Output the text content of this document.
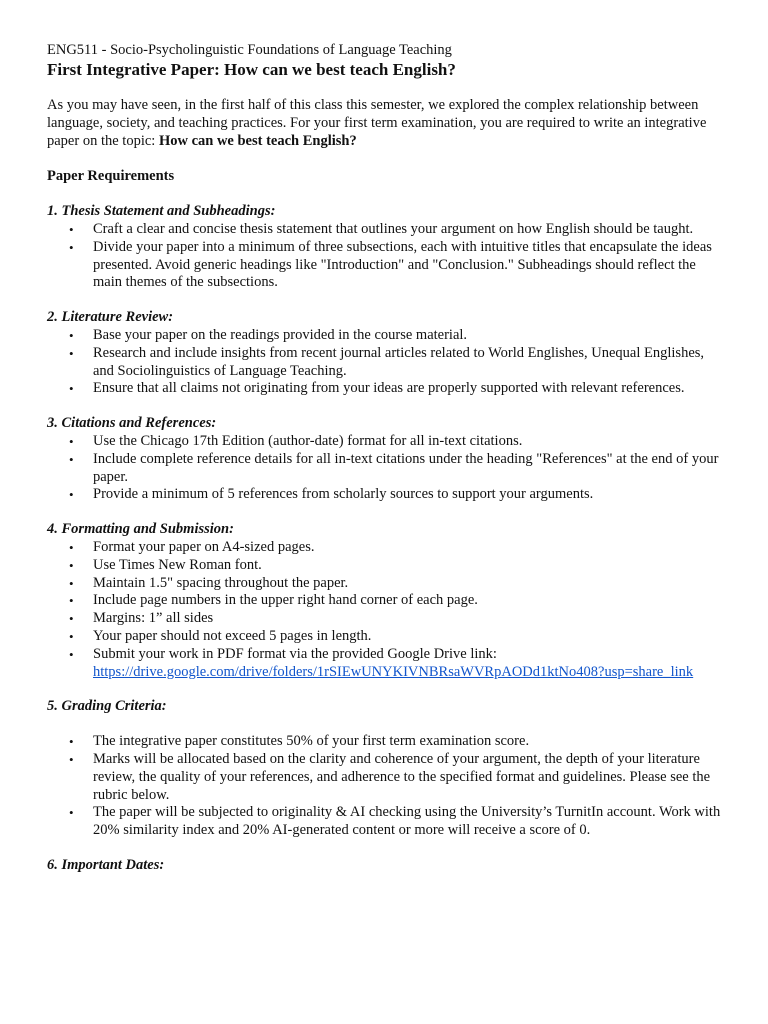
ENG511 - Socio-Psycholinguistic Foundations of Language Teaching

First Integrative Paper: How can we best teach English?

As you may have seen, in the first half of this class this semester, we explored the complex relationship between language, society, and teaching practices. For your first term examination, you are required to write an integrative paper on the topic: How can we best teach English?

Paper Requirements

1. Thesis Statement and Subheadings:

• Craft a clear and concise thesis statement that outlines your argument on how English should be taught.
• Divide your paper into a minimum of three subsections, each with intuitive titles that encapsulate the ideas presented. Avoid generic headings like "Introduction" and "Conclusion." Subheadings should reflect the main themes of the subsections.

2. Literature Review:

• Base your paper on the readings provided in the course material.
• Research and include insights from recent journal articles related to World Englishes, Unequal Englishes, and Sociolinguistics of Language Teaching.
• Ensure that all claims not originating from your ideas are properly supported with relevant references.

3. Citations and References:

• Use the Chicago 17th Edition (author-date) format for all in-text citations.
• Include complete reference details for all in-text citations under the heading "References" at the end of your paper.
• Provide a minimum of 5 references from scholarly sources to support your arguments.

4. Formatting and Submission:

• Format your paper on A4-sized pages.
• Use Times New Roman font.
• Maintain 1.5" spacing throughout the paper.
• Include page numbers in the upper right hand corner of each page.
• Margins: 1” all sides
• Your paper should not exceed 5 pages in length.
• Submit your work in PDF format via the provided Google Drive link:
https://drive.google.com/drive/folders/1rSIEwUNYKIVNBRsaWVRpAODd1ktNo408?usp=share_link

5. Grading Criteria:

• The integrative paper constitutes 50% of your first term examination score.
• Marks will be allocated based on the clarity and coherence of your argument, the depth of your literature review, the quality of your references, and adherence to the specified format and guidelines. Please see the rubric below.
• The paper will be subjected to originality & AI checking using the University’s TurnitIn account. Work with 20% similarity index and 20% AI-generated content or more will receive a score of 0.

6. Important Dates:
